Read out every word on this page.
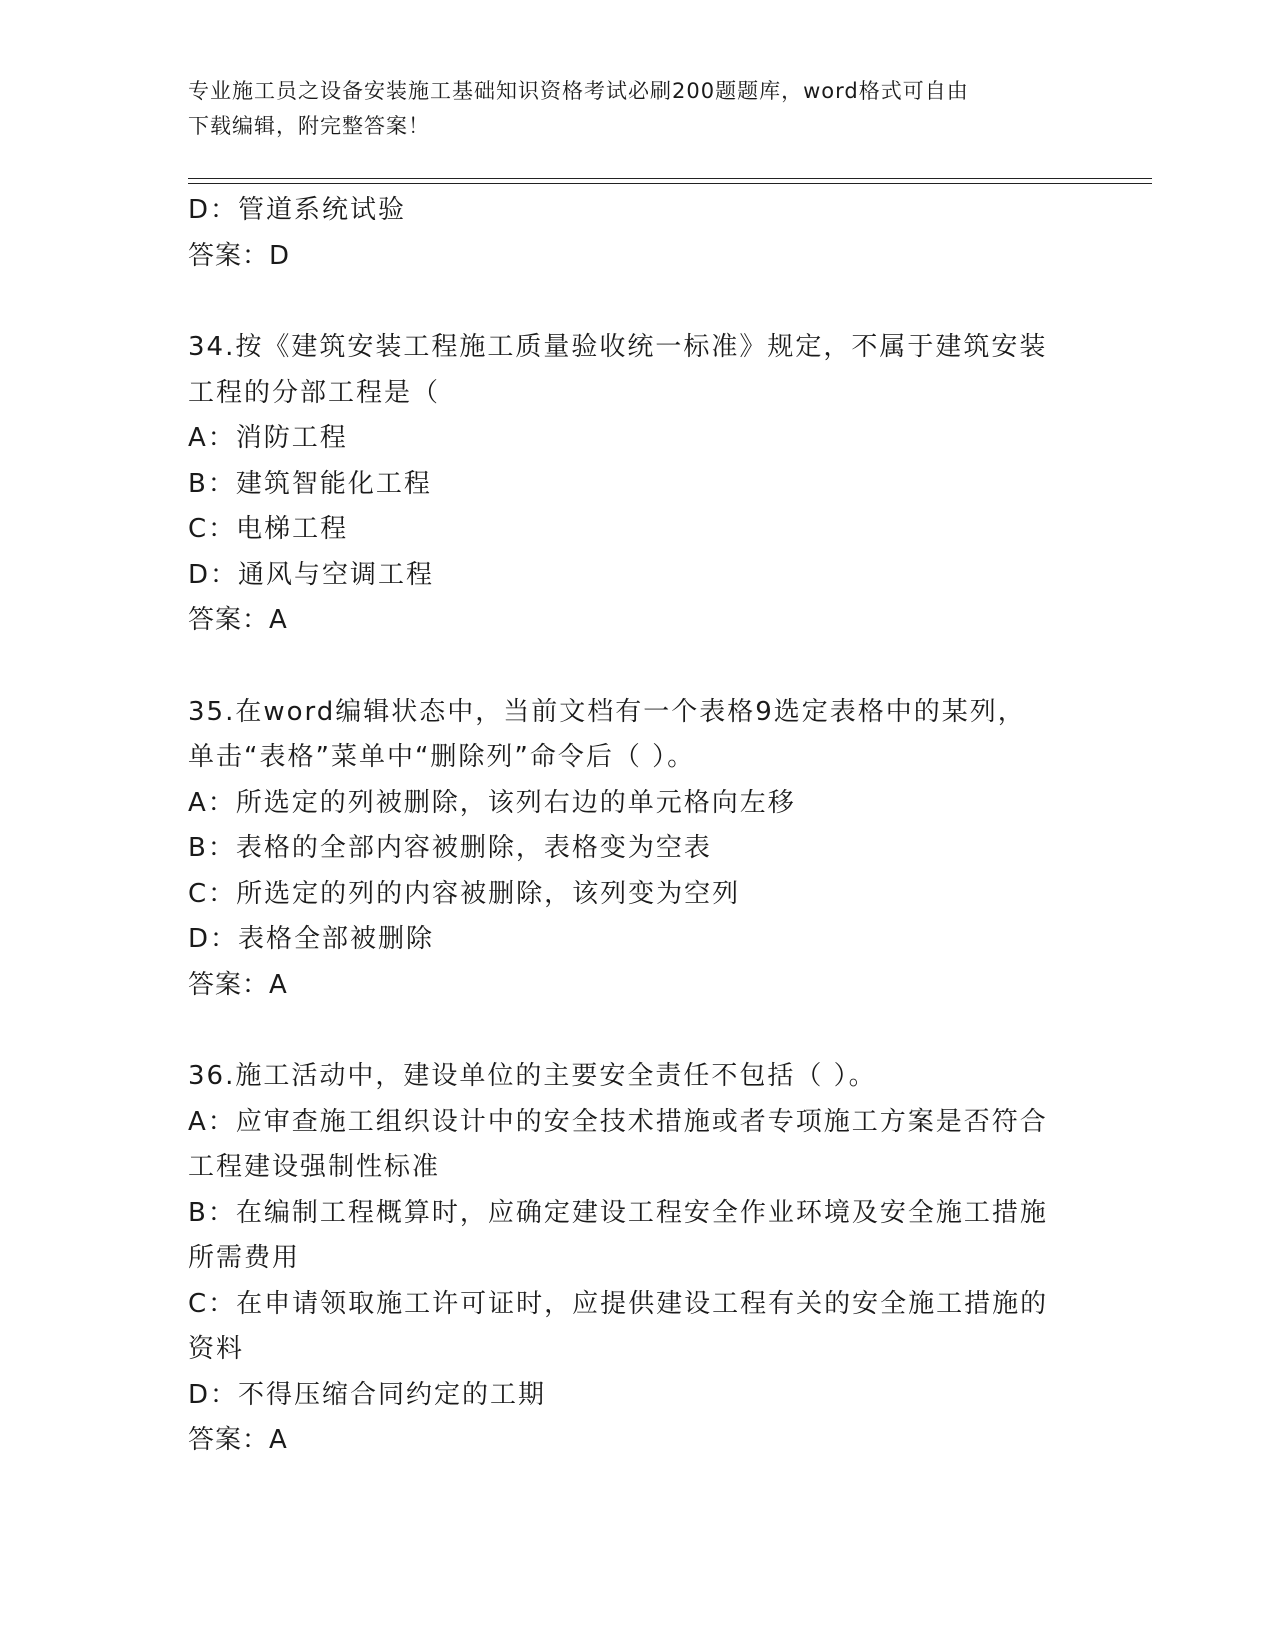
专业施工员之设备安装施工基础知识资格考试必刷200题题库，word格式可自由
下载编辑，附完整答案！
D：管道系统试验
答案：D
34.按《建筑安装工程施工质量验收统一标准》规定，不属于建筑安装
工程的分部工程是（
A：消防工程
B：建筑智能化工程
C：电梯工程
D：通风与空调工程
答案：A
35.在word编辑状态中，当前文档有一个表格9选定表格中的某列，
单击“表格”菜单中“删除列”命令后（ ）。
A：所选定的列被删除，该列右边的单元格向左移
B：表格的全部内容被删除，表格变为空表
C：所选定的列的内容被删除，该列变为空列
D：表格全部被删除
答案：A
36.施工活动中，建设单位的主要安全责任不包括（ ）。
A：应审查施工组织设计中的安全技术措施或者专项施工方案是否符合
工程建设强制性标准
B：在编制工程概算时，应确定建设工程安全作业环境及安全施工措施
所需费用
C：在申请领取施工许可证时，应提供建设工程有关的安全施工措施的
资料
D：不得压缩合同约定的工期
答案：A
